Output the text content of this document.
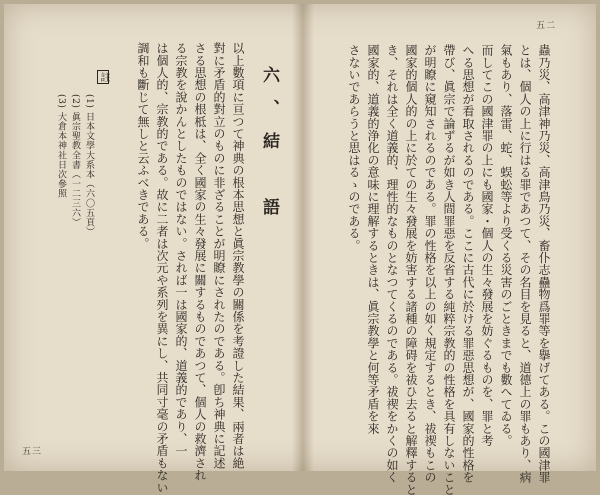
六、結　語
以上數項に亘つて神典の根本思想と眞宗教學の關係を考證した結果、兩者は絶
對に矛盾的對立のものに非ざることが明瞭にされたのである。卽ち神典に記述
さる思想の根柢は、全く國家の生々發展に關するものであつて、個人の救濟され
る宗教を說かんとしたものではない。されば一は國家的、道義的であり、一
は個人的、宗教的である。故に二者は次元や系列を異にし、共同寸毫の矛盾もない
調和も斷じて無しと云ふべきである。
註
(1) 日本文學大系本（六〇五頁）
(2) 眞宗聖教全書（一二三六）
(3) 大倉本神社日次參照
五三	蟲乃災、高津神乃災、高津鳥乃災、畜仆志蠱物爲罪等を擧げてある。この國津罪
とは、個人の上に行はる罪であつて、その名目を見ると、道德上の罪もあり、病
氣もあり、落雷、蛇、蜈蚣等より受くる災害のごときまでも數へてゐる。
而してこの國津罪の上にも國家・個人の生々發展を妨ぐるものを、罪と考
へる思想が看取されるのである。ここに古代に於ける罪惡思想が、國家的性格を
帶び、眞宗で論ずるが如き人間罪惡を反省する純粹宗教的の性格を具有しないこと
が明瞭に窺知されるのである。罪の性格を以上の如く規定するとき、祓禊もこの
國家的個人的の上に於ての生々發展を妨害する諸種の障碍を祓ひ去ると解釋すると
き、それは全く道義的、理性的なものとなつてくるのである。祓禊をかくの如く
國家的、道義的浄化の意味に理解するときは、眞宗教學と何等矛盾を來
さないであらうと思はるゝのである。
五二
